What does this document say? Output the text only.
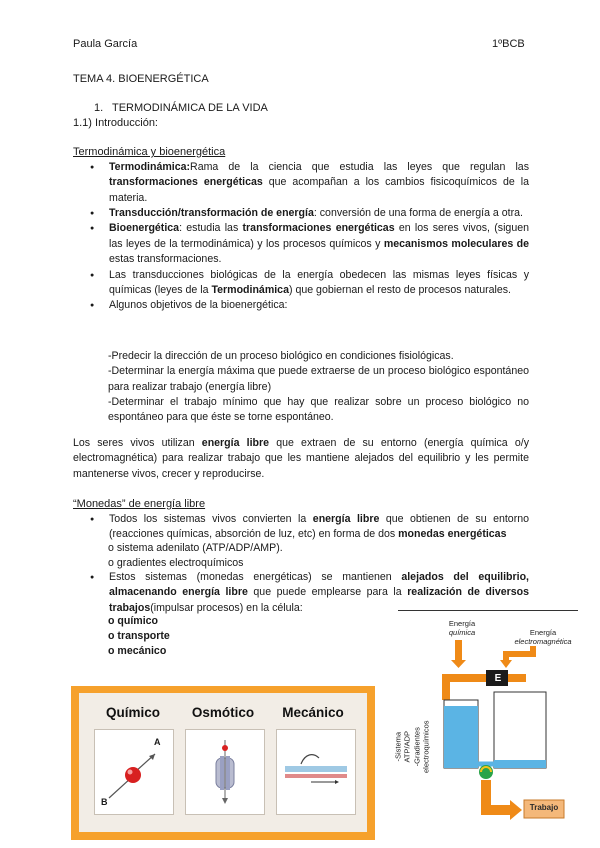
Paula García	1ºBCB
TEMA 4. BIOENERGÉTICA
1. TERMODINÁMICA DE LA VIDA
1.1) Introducción:
Termodinámica y bioenergética
● Termodinámica:Rama de la ciencia que estudia las leyes que regulan las transformaciones energéticas que acompañan a los cambios fisicoquímicos de la materia.
● Transducción/transformación de energía: conversión de una forma de energía a otra.
● Bioenergética: estudia las transformaciones energéticas en los seres vivos, (siguen las leyes de la termodinámica) y los procesos químicos y mecanismos moleculares de estas transformaciones.
● Las transducciones biológicas de la energía obedecen las mismas leyes físicas y químicas (leyes de la Termodinámica) que gobiernan el resto de procesos naturales.
● Algunos objetivos de la bioenergética:

-Predecir la dirección de un proceso biológico en condiciones fisiológicas.

-Determinar la energía máxima que puede extraerse de un proceso biológico espontáneo para realizar trabajo (energía libre)

-Determinar el trabajo mínimo que hay que realizar sobre un proceso biológico no espontáneo para que éste se torne espontáneo.

Los seres vivos utilizan energía libre que extraen de su entorno (energía química o/y electromagnética) para realizar trabajo que les mantiene alejados del equilibrio y les permite mantenerse vivos, crecer y reproducirse.
“Monedas” de energía libre
● Todos los sistemas vivos convierten la energía libre que obtienen de su entorno (reacciones químicas, absorción de luz, etc) en forma de dos monedas energéticas
o sistema adenilato (ATP/ADP/AMP).
o gradientes electroquímicos
● Estos sistemas (monedas energéticas) se mantienen alejados del equilibrio, almacenando energía libre que puede emplearse para la realización de diversos trabajos(impulsar procesos) en la célula:
o químico
o transporte
o mecánico
Químico	Osmótico	Mecánico
A
B
Energía
química	Energía
electromagnética
E
Trabajo
-Sistema ATP/ADP -Gradientes electroquímicos
